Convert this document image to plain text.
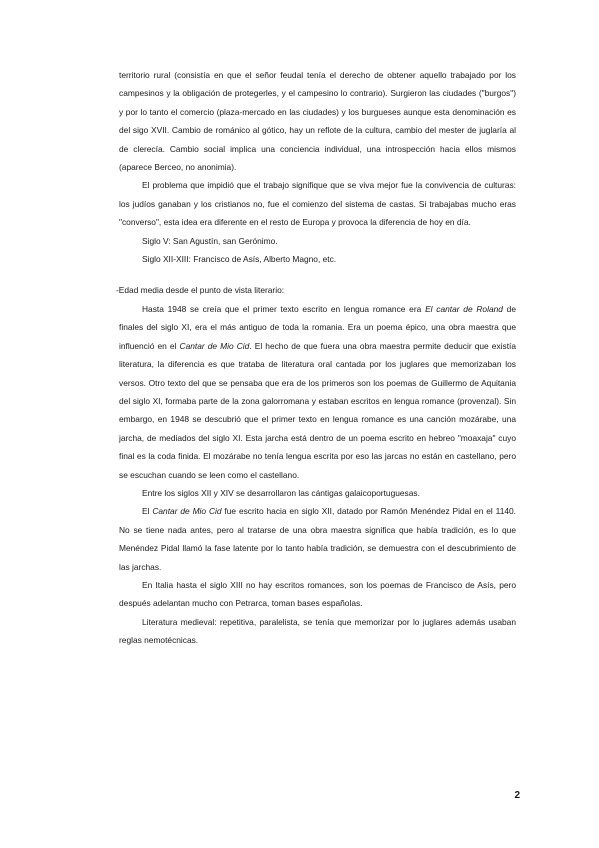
territorio rural (consistía en que el señor feudal tenía el derecho de obtener aquello trabajado por los campesinos y la obligación de protegerles, y el campesino lo contrario). Surgieron las ciudades ("burgos") y por lo tanto el comercio (plaza-mercado en las ciudades) y los burgueses aunque esta denominación es del sigo XVII. Cambio de románico al gótico, hay un reflote de la cultura, cambio del mester de juglaría al de clerecía. Cambio social implica una conciencia individual, una introspección hacia ellos mismos (aparece Berceo, no anonimia).

El problema que impidió que el trabajo signifique que se viva mejor fue la convivencia de culturas: los judíos ganaban y los cristianos no, fue el comienzo del sistema de castas. Si trabajabas mucho eras "converso", esta idea era diferente en el resto de Europa y provoca la diferencia de hoy en día.

Siglo V: San Agustín, san Gerónimo.

Siglo XII-XIII: Francisco de Asís, Alberto Magno, etc.

-Edad media desde el punto de vista literario:

Hasta 1948 se creía que el primer texto escrito en lengua romance era El cantar de Roland de finales del siglo XI, era el más antiguo de toda la romania. Era un poema épico, una obra maestra que influenció en el Cantar de Mio Cid. El hecho de que fuera una obra maestra permite deducir que existía literatura, la diferencia es que trataba de literatura oral cantada por los juglares que memorizaban los versos. Otro texto del que se pensaba que era de los primeros son los poemas de Guillermo de Aquitania del siglo XI, formaba parte de la zona galorromana y estaban escritos en lengua romance (provenzal). Sin embargo, en 1948 se descubrió que el primer texto en lengua romance es una canción mozárabe, una jarcha, de mediados del siglo XI. Esta jarcha está dentro de un poema escrito en hebreo "moaxaja" cuyo final es la coda finida. El mozárabe no tenía lengua escrita por eso las jarcas no están en castellano, pero se escuchan cuando se leen como el castellano.

Entre los siglos XII y XIV se desarrollaron las cántigas galaicoportuguesas.

El Cantar de Mio Cid fue escrito hacia en siglo XII, datado por Ramón Menéndez Pidal en el 1140. No se tiene nada antes, pero al tratarse de una obra maestra significa que había tradición, es lo que Menéndez Pidal llamó la fase latente por lo tanto había tradición, se demuestra con el descubrimiento de las jarchas.

En Italia hasta el siglo XIII no hay escritos romances, son los poemas de Francisco de Asís, pero después adelantan mucho con Petrarca, toman bases españolas.

Literatura medieval: repetitiva, paralelista, se tenía que memorizar por lo juglares además usaban reglas nemotécnicas.

2
